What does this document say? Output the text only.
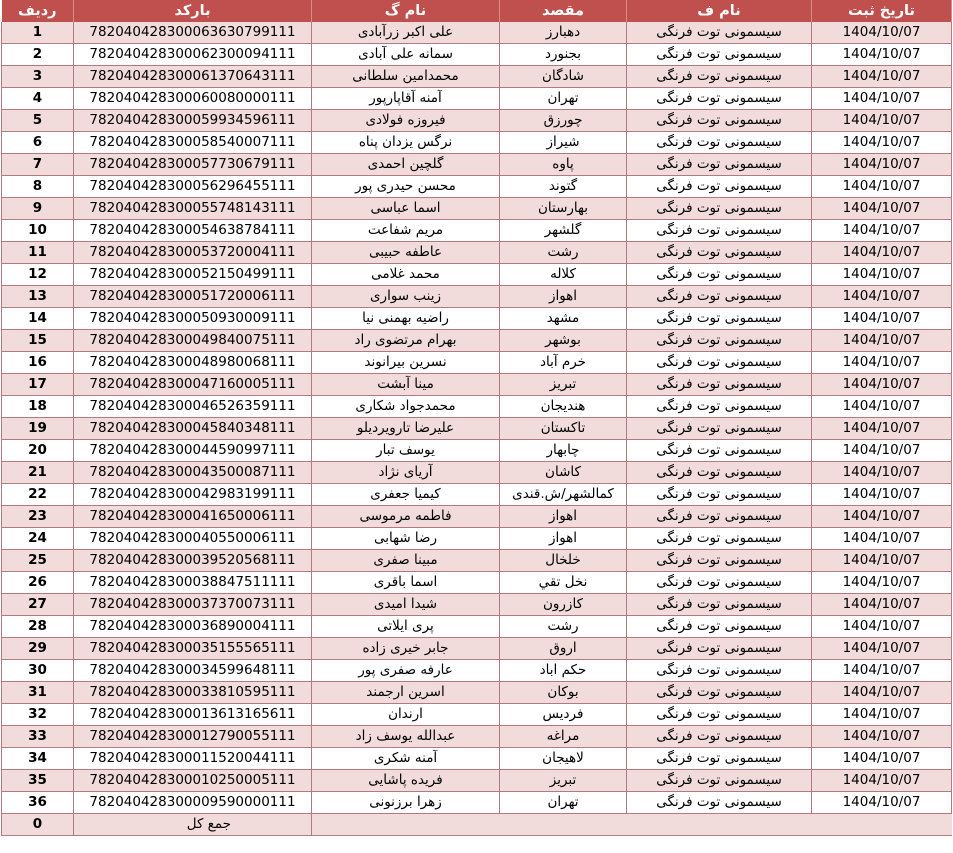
ردیف	بارکد	نام گ	مقصد	نام ف	تاریخ ثبت
1	782040428300063630799111	علی اکبر زرآبادی	دهبارز	سیسمونی توت فرنگی	1404/10/07
2	782040428300062300094111	سمانه علی آبادی	بجنورد	سیسمونی توت فرنگی	1404/10/07
3	782040428300061370643111	محمدامین سلطانی	شادگان	سیسمونی توت فرنگی	1404/10/07
4	782040428300060080000111	آمنه آقاپارپور	تهران	سیسمونی توت فرنگی	1404/10/07
5	782040428300059934596111	فیروزه فولادی	چورزق	سیسمونی توت فرنگی	1404/10/07
6	782040428300058540007111	نرگس یزدان پناه	شیراز	سیسمونی توت فرنگی	1404/10/07
7	782040428300057730679111	گلچین احمدی	پاوه	سیسمونی توت فرنگی	1404/10/07
8	782040428300056296455111	محسن حیدری پور	گتوند	سیسمونی توت فرنگی	1404/10/07
9	782040428300055748143111	اسما عباسی	بهارستان	سیسمونی توت فرنگی	1404/10/07
10	782040428300054638784111	مریم شفاعت	گلشهر	سیسمونی توت فرنگی	1404/10/07
11	782040428300053720004111	عاطفه حبیبی	رشت	سیسمونی توت فرنگی	1404/10/07
12	782040428300052150499111	محمد غلامی	کلاله	سیسمونی توت فرنگی	1404/10/07
13	782040428300051720006111	زینب سواری	اهواز	سیسمونی توت فرنگی	1404/10/07
14	782040428300050930009111	راضیه بهمنی نیا	مشهد	سیسمونی توت فرنگی	1404/10/07
15	782040428300049840075111	بهرام مرتضوی راد	بوشهر	سیسمونی توت فرنگی	1404/10/07
16	782040428300048980068111	نسرین بیرانوند	خرم آباد	سیسمونی توت فرنگی	1404/10/07
17	782040428300047160005111	مینا آبشت	تبریز	سیسمونی توت فرنگی	1404/10/07
18	782040428300046526359111	محمدجواد شکاری	هندیجان	سیسمونی توت فرنگی	1404/10/07
19	782040428300045840348111	علیرضا تارویردیلو	تاکستان	سیسمونی توت فرنگی	1404/10/07
20	782040428300044590997111	یوسف تبار	چابهار	سیسمونی توت فرنگی	1404/10/07
21	782040428300043500087111	آریای نژاد	کاشان	سیسمونی توت فرنگی	1404/10/07
22	782040428300042983199111	کیمیا جعفری	کمالشهر/ش.قندی	سیسمونی توت فرنگی	1404/10/07
23	782040428300041650006111	فاطمه مرموسی	اهواز	سیسمونی توت فرنگی	1404/10/07
24	782040428300040550006111	رضا شهابی	اهواز	سیسمونی توت فرنگی	1404/10/07
25	782040428300039520568111	مبینا صفری	خلخال	سیسمونی توت فرنگی	1404/10/07
26	782040428300038847511111	اسما باقری	نخل تقي	سیسمونی توت فرنگی	1404/10/07
27	782040428300037370073111	شیدا امیدی	کازرون	سیسمونی توت فرنگی	1404/10/07
28	782040428300036890004111	پری ایلاتی	رشت	سیسمونی توت فرنگی	1404/10/07
29	782040428300035155565111	جابر خیری زاده	اروق	سیسمونی توت فرنگی	1404/10/07
30	782040428300034599648111	عارفه صفری پور	حکم اباد	سیسمونی توت فرنگی	1404/10/07
31	782040428300033810595111	اسرین ارجمند	بوکان	سیسمونی توت فرنگی	1404/10/07
32	782040428300013613165611	ارندان	فردیس	سیسمونی توت فرنگی	1404/10/07
33	782040428300012790055111	عبدالله یوسف زاد	مراغه	سیسمونی توت فرنگی	1404/10/07
34	782040428300011520044111	آمنه شکری	لاهیجان	سیسمونی توت فرنگی	1404/10/07
35	782040428300010250005111	فریده پاشایی	تبریز	سیسمونی توت فرنگی	1404/10/07
36	782040428300009590000111	زهرا برزنونی	تهران	سیسمونی توت فرنگی	1404/10/07
0	جمع کل				
